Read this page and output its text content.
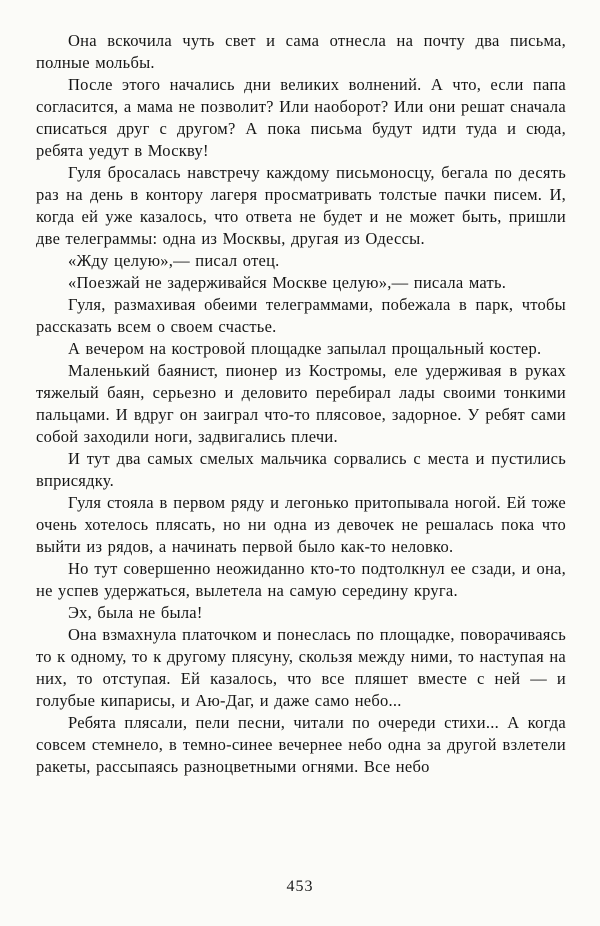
Она вскочила чуть свет и сама отнесла на почту два письма, полные мольбы.

После этого начались дни великих волнений. А что, если папа согласится, а мама не позволит? Или наоборот? Или они решат сначала списаться друг с другом? А пока письма будут идти туда и сюда, ребята уедут в Москву!

Гуля бросалась навстречу каждому письмоносцу, бегала по десять раз на день в контору лагеря просматривать толстые пачки писем. И, когда ей уже казалось, что ответа не будет и не может быть, пришли две телеграммы: одна из Москвы, другая из Одессы.

«Жду целую»,— писал отец.

«Поезжай не задерживайся Москве целую»,— писала мать.

Гуля, размахивая обеими телеграммами, побежала в парк, чтобы рассказать всем о своем счастье.

А вечером на костровой площадке запылал прощальный костер.

Маленький баянист, пионер из Костромы, еле удерживая в руках тяжелый баян, серьезно и деловито перебирал лады своими тонкими пальцами. И вдруг он заиграл что-то плясовое, задорное. У ребят сами собой заходили ноги, задвигались плечи.

И тут два самых смелых мальчика сорвались с места и пустились вприсядку.

Гуля стояла в первом ряду и легонько притопывала ногой. Ей тоже очень хотелось плясать, но ни одна из девочек не решалась пока что выйти из рядов, а начинать первой было как-то неловко.

Но тут совершенно неожиданно кто-то подтолкнул ее сзади, и она, не успев удержаться, вылетела на самую середину круга.

Эх, была не была!

Она взмахнула платочком и понеслась по площадке, поворачиваясь то к одному, то к другому плясуну, скользя между ними, то наступая на них, то отступая. Ей казалось, что все пляшет вместе с ней — и голубые кипарисы, и Аю-Даг, и даже само небо...

Ребята плясали, пели песни, читали по очереди стихи... А когда совсем стемнело, в темно-синее вечернее небо одна за другой взлетели ракеты, рассыпаясь разноцветными огнями. Все небо

453
